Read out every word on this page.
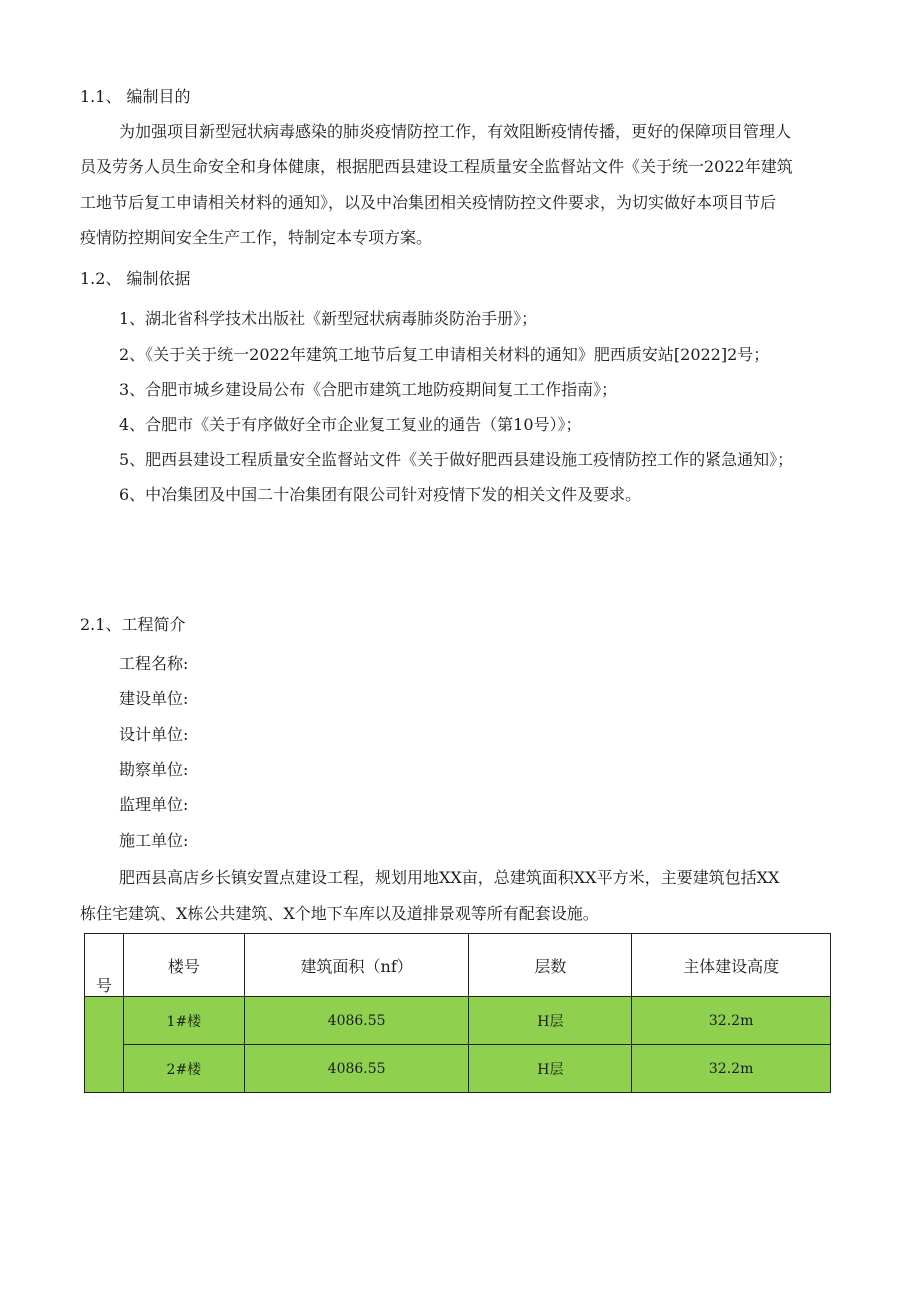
1.1、 编制目的
为加强项目新型冠状病毒感染的肺炎疫情防控工作，有效阻断疫情传播，更好的保障项目管理人
员及劳务人员生命安全和身体健康，根据肥西县建设工程质量安全监督站文件《关于统一2022年建筑
工地节后复工申请相关材料的通知》，以及中冶集团相关疫情防控文件要求，为切实做好本项目节后
疫情防控期间安全生产工作，特制定本专项方案。
1.2、 编制依据
1、湖北省科学技术出版社《新型冠状病毒肺炎防治手册》；
2、《关于关于统一2022年建筑工地节后复工申请相关材料的通知》肥西质安站[2022]2号；
3、合肥市城乡建设局公布《合肥市建筑工地防疫期间复工工作指南》；
4、合肥市《关于有序做好全市企业复工复业的通告（第10号）》；
5、肥西县建设工程质量安全监督站文件《关于做好肥西县建设施工疫情防控工作的紧急通知》；
6、中冶集团及中国二十冶集团有限公司针对疫情下发的相关文件及要求。
2.1、工程简介
工程名称:
建设单位:
设计单位:
勘察单位:
监理单位:
施工单位:
肥西县高店乡长镇安置点建设工程，规划用地XX亩，总建筑面积XX平方米，主要建筑包括XX
栋住宅建筑、X栋公共建筑、X个地下车库以及道排景观等所有配套设施。
号	楼号	建筑面积（nf）	层数	主体建设高度
	1#楼	4086.55	H层	32.2m
	2#楼	4086.55	H层	32.2m
